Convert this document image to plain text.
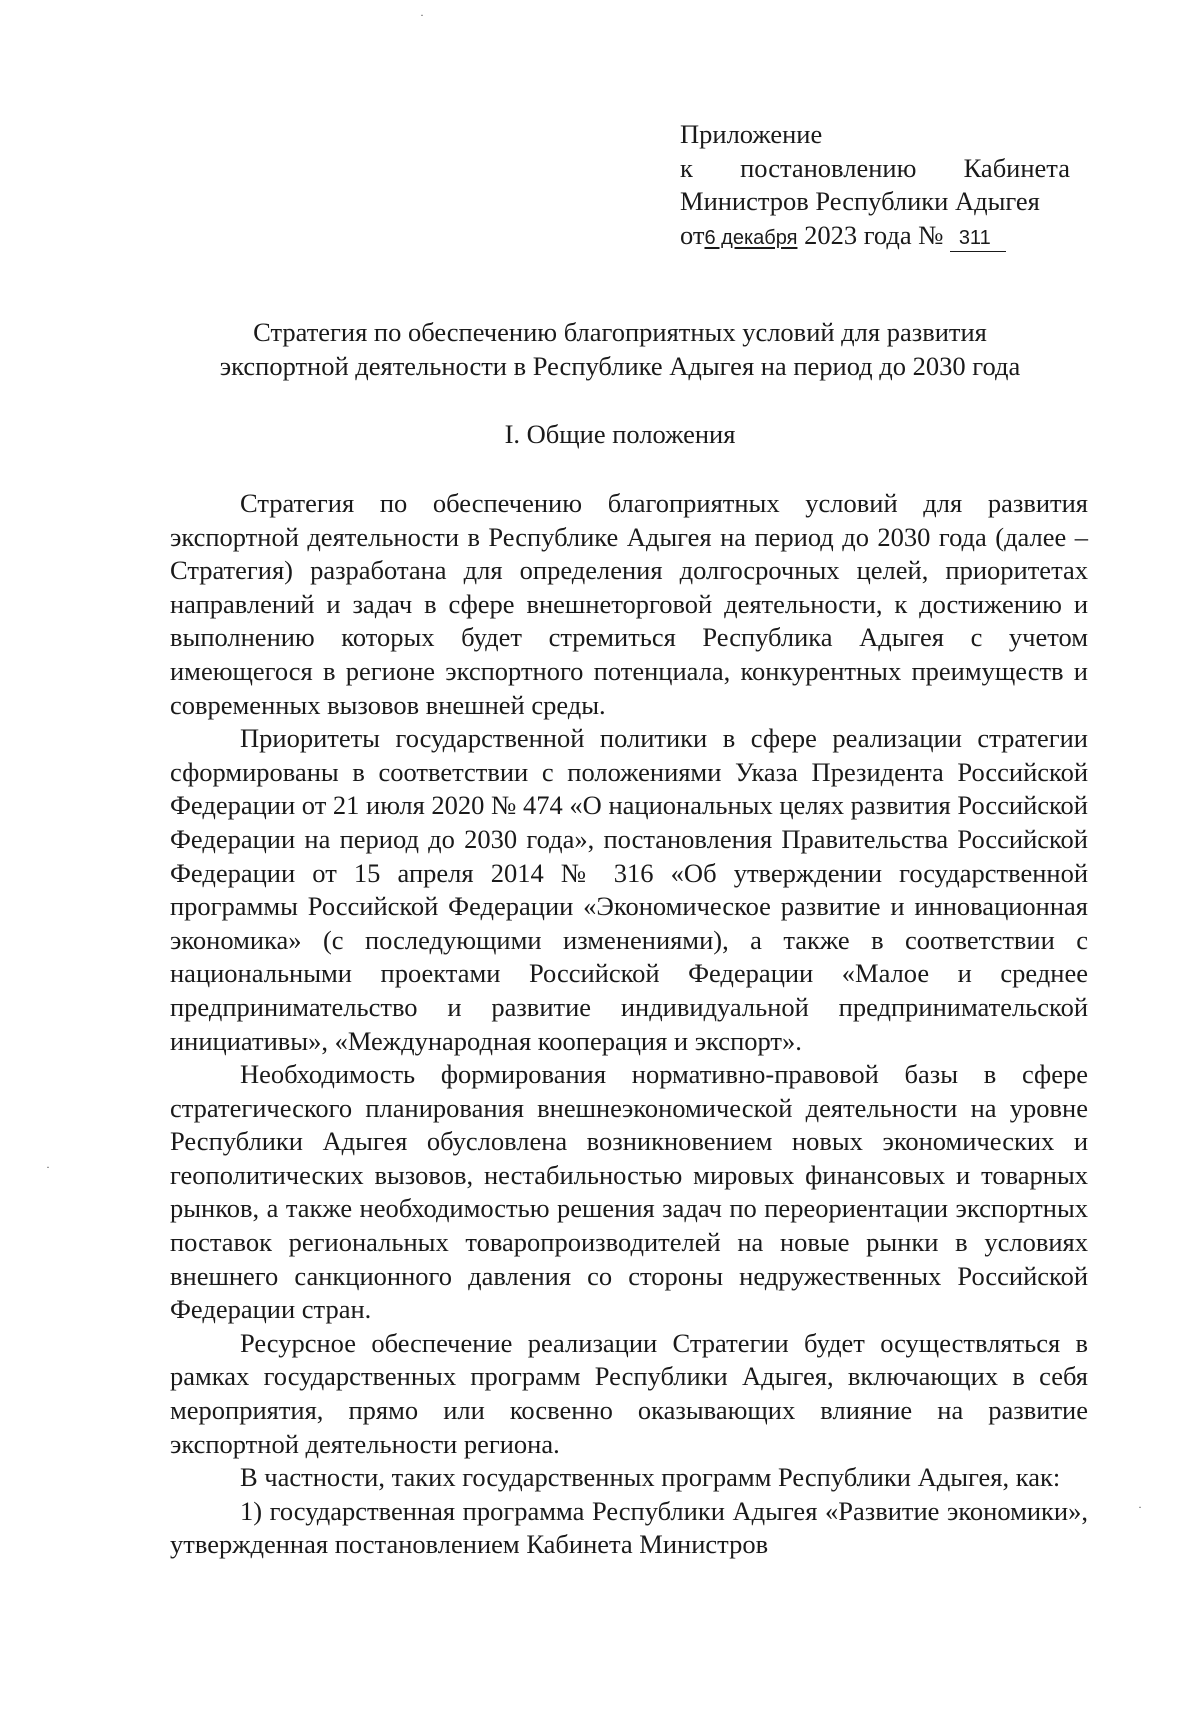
Приложение
к постановлению Кабинета
Министров Республики Адыгея
от6 декабря 2023 года №  311
Стратегия по обеспечению благоприятных условий для развития
экспортной деятельности в Республике Адыгея на период до 2030 года
I. Общие положения

Стратегия по обеспечению благоприятных условий для развития экспортной деятельности в Республике Адыгея на период до 2030 года (далее – Стратегия) разработана для определения долгосрочных целей, приоритетах направлений и задач в сфере внешнеторговой деятельности, к достижению и выполнению которых будет стремиться Республика Адыгея с учетом имеющегося в регионе экспортного потенциала, конкурентных преимуществ и современных вызовов внешней среды.

Приоритеты государственной политики в сфере реализации стратегии сформированы в соответствии с положениями Указа Президента Российской Федерации от 21 июля 2020 № 474 «О национальных целях развития Российской Федерации на период до 2030 года», постановления Правительства Российской Федерации от 15 апреля 2014 № 316 «Об утверждении государственной программы Российской Федерации «Экономическое развитие и инновационная экономика» (с последующими изменениями), а также в соответствии с национальными проектами Российской Федерации «Малое и среднее предпринимательство и развитие индивидуальной предпринимательской инициативы», «Международная кооперация и экспорт».

Необходимость формирования нормативно-правовой базы в сфере стратегического планирования внешнеэкономической деятельности на уровне Республики Адыгея обусловлена возникновением новых экономических и геополитических вызовов, нестабильностью мировых финансовых и товарных рынков, а также необходимостью решения задач по переориентации экспортных поставок региональных товаропроизводителей на новые рынки в условиях внешнего санкционного давления со стороны недружественных Российской Федерации стран.

Ресурсное обеспечение реализации Стратегии будет осуществляться в рамках государственных программ Республики Адыгея, включающих в себя мероприятия, прямо или косвенно оказывающих влияние на развитие экспортной деятельности региона.

В частности, таких государственных программ Республики Адыгея, как:

1) государственная программа Республики Адыгея «Развитие экономики», утвержденная постановлением Кабинета Министров

·
·
·
